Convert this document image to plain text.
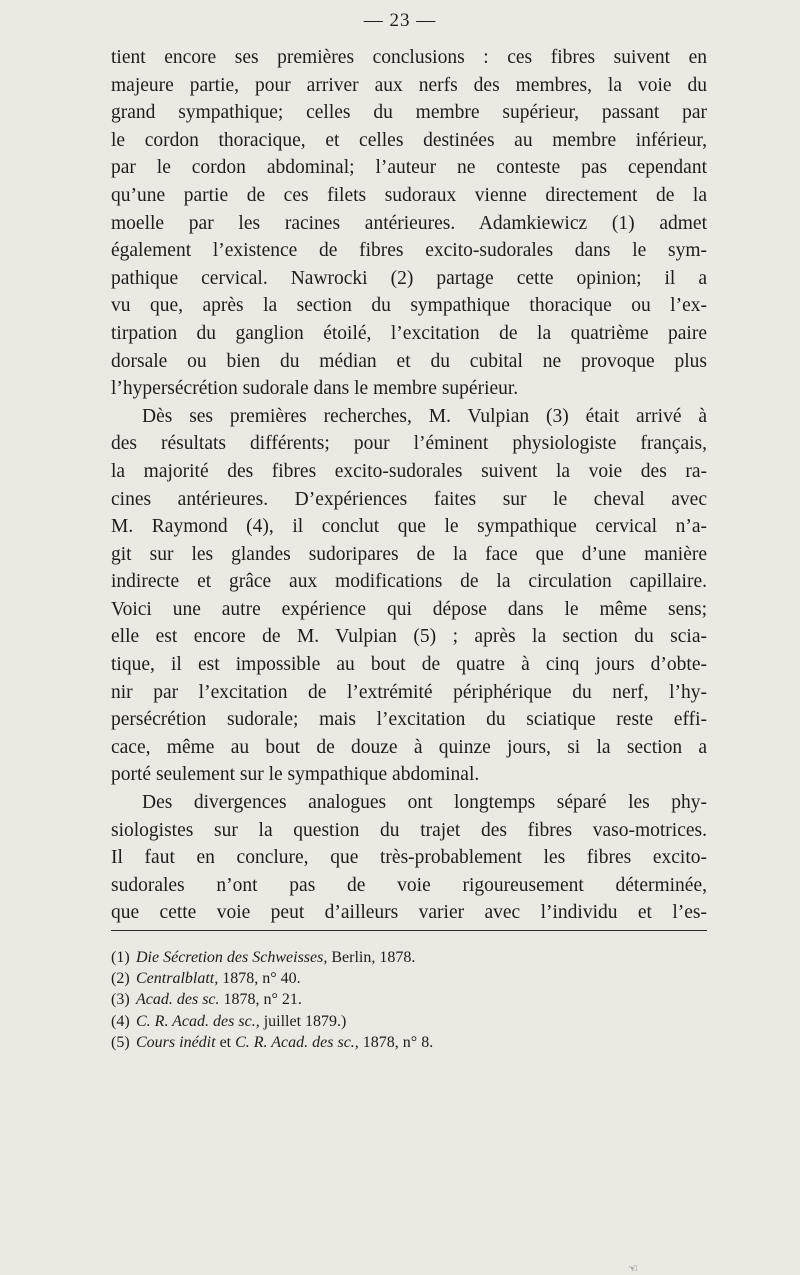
— 23 —
tient encore ses premières conclusions : ces fibres suivent en
majeure partie, pour arriver aux nerfs des membres, la voie du
grand sympathique; celles du membre supérieur, passant par
le cordon thoracique, et celles destinées au membre inférieur,
par le cordon abdominal; l’auteur ne conteste pas cependant
qu’une partie de ces filets sudoraux vienne directement de la
moelle par les racines antérieures. Adamkiewicz (1) admet
également l’existence de fibres excito-sudorales dans le sym-
pathique cervical. Nawrocki (2) partage cette opinion; il a
vu que, après la section du sympathique thoracique ou l’ex-
tirpation du ganglion étoilé, l’excitation de la quatrième paire
dorsale ou bien du médian et du cubital ne provoque plus
l’hypersécrétion sudorale dans le membre supérieur.
Dès ses premières recherches, M. Vulpian (3) était arrivé à
des résultats différents; pour l’éminent physiologiste français,
la majorité des fibres excito-sudorales suivent la voie des ra-
cines antérieures. D’expériences faites sur le cheval avec
M. Raymond (4), il conclut que le sympathique cervical n’a-
git sur les glandes sudoripares de la face que d’une manière
indirecte et grâce aux modifications de la circulation capillaire.
Voici une autre expérience qui dépose dans le même sens;
elle est encore de M. Vulpian (5) ; après la section du scia-
tique, il est impossible au bout de quatre à cinq jours d’obte-
nir par l’excitation de l’extrémité périphérique du nerf, l’hy-
persécrétion sudorale; mais l’excitation du sciatique reste effi-
cace, même au bout de douze à quinze jours, si la section a
porté seulement sur le sympathique abdominal.
Des divergences analogues ont longtemps séparé les phy-
siologistes sur la question du trajet des fibres vaso-motrices.
Il faut en conclure, que très-probablement les fibres excito-
sudorales n’ont pas de voie rigoureusement déterminée,
que cette voie peut d’ailleurs varier avec l’individu et l’es-
(1) Die Sécretion des Schweisses, Berlin, 1878.
(2) Centralblatt, 1878, n° 40.
(3) Acad. des sc. 1878, n° 21.
(4) C. R. Acad. des sc., juillet 1879.)
(5) Cours inédit et C. R. Acad. des sc., 1878, n° 8.
☜
